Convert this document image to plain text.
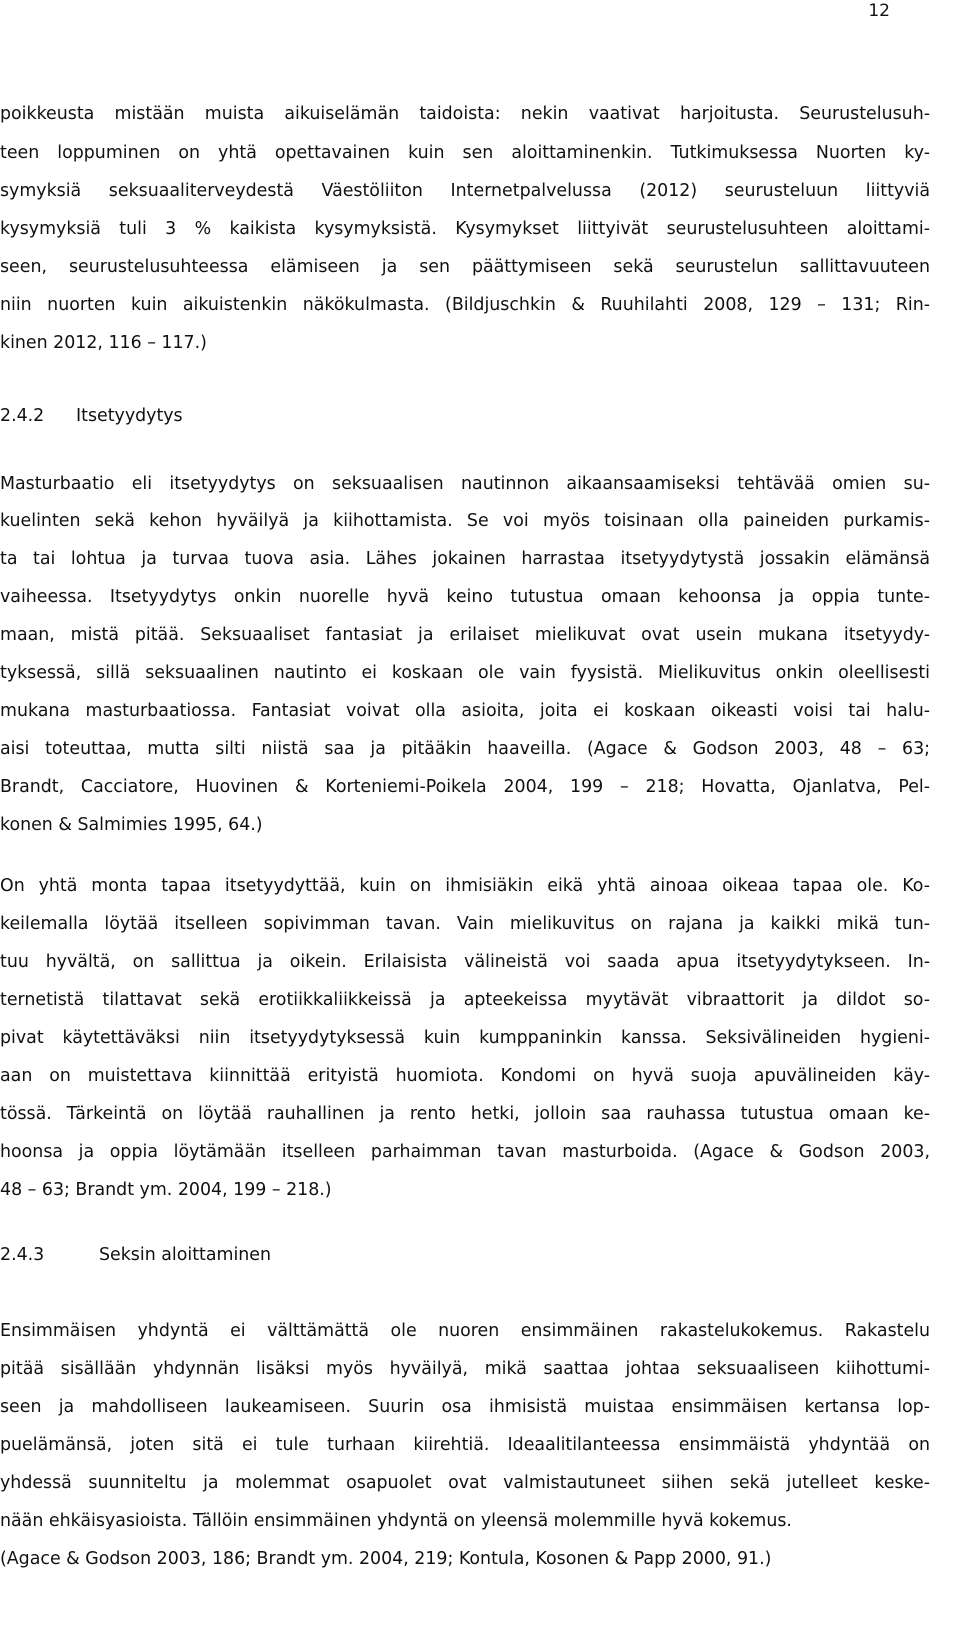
12
poikkeusta mistään muista aikuiselämän taidoista: nekin vaativat harjoitusta. Seurustelusuh-
teen loppuminen on yhtä opettavainen kuin sen aloittaminenkin. Tutkimuksessa Nuorten ky-
symyksiä seksuaaliterveydestä Väestöliiton Internetpalvelussa (2012) seurusteluun liittyviä
kysymyksiä tuli 3 % kaikista kysymyksistä. Kysymykset liittyivät seurustelusuhteen aloittami-
seen, seurustelusuhteessa elämiseen ja sen päättymiseen sekä seurustelun sallittavuuteen
niin nuorten kuin aikuistenkin näkökulmasta. (Bildjuschkin & Ruuhilahti 2008, 129 – 131; Rin-
kinen 2012, 116 – 117.)
2.4.2 Itsetyydytys
Masturbaatio eli itsetyydytys on seksuaalisen nautinnon aikaansaamiseksi tehtävää omien su-
kuelinten sekä kehon hyväilyä ja kiihottamista. Se voi myös toisinaan olla paineiden purkamis-
ta tai lohtua ja turvaa tuova asia. Lähes jokainen harrastaa itsetyydytystä jossakin elämänsä
vaiheessa. Itsetyydytys onkin nuorelle hyvä keino tutustua omaan kehoonsa ja oppia tunte-
maan, mistä pitää. Seksuaaliset fantasiat ja erilaiset mielikuvat ovat usein mukana itsetyydy-
tyksessä, sillä seksuaalinen nautinto ei koskaan ole vain fyysistä. Mielikuvitus onkin oleellisesti
mukana masturbaatiossa. Fantasiat voivat olla asioita, joita ei koskaan oikeasti voisi tai halu-
aisi toteuttaa, mutta silti niistä saa ja pitääkin haaveilla. (Agace & Godson 2003, 48 – 63;
Brandt, Cacciatore, Huovinen & Korteniemi-Poikela 2004, 199 – 218; Hovatta, Ojanlatva, Pel-
konen & Salmimies 1995, 64.)
On yhtä monta tapaa itsetyydyttää, kuin on ihmisiäkin eikä yhtä ainoaa oikeaa tapaa ole. Ko-
keilemalla löytää itselleen sopivimman tavan. Vain mielikuvitus on rajana ja kaikki mikä tun-
tuu hyvältä, on sallittua ja oikein. Erilaisista välineistä voi saada apua itsetyydytykseen. In-
ternetistä tilattavat sekä erotiikkaliikkeissä ja apteekeissa myytävät vibraattorit ja dildot so-
pivat käytettäväksi niin itsetyydytyksessä kuin kumppaninkin kanssa. Seksivälineiden hygieni-
aan on muistettava kiinnittää erityistä huomiota. Kondomi on hyvä suoja apuvälineiden käy-
tössä. Tärkeintä on löytää rauhallinen ja rento hetki, jolloin saa rauhassa tutustua omaan ke-
hoonsa ja oppia löytämään itselleen parhaimman tavan masturboida. (Agace & Godson 2003,
48 – 63; Brandt ym. 2004, 199 – 218.)
2.4.3	Seksin aloittaminen
Ensimmäisen yhdyntä ei välttämättä ole nuoren ensimmäinen rakastelukokemus. Rakastelu
pitää sisällään yhdynnän lisäksi myös hyväilyä, mikä saattaa johtaa seksuaaliseen kiihottumi-
seen ja mahdolliseen laukeamiseen. Suurin osa ihmisistä muistaa ensimmäisen kertansa lop-
puelämänsä, joten sitä ei tule turhaan kiirehtiä. Ideaalitilanteessa ensimmäistä yhdyntää on
yhdessä suunniteltu ja molemmat osapuolet ovat valmistautuneet siihen sekä jutelleet keske-
nään ehkäisyasioista. Tällöin ensimmäinen yhdyntä on yleensä molemmille hyvä kokemus.
(Agace & Godson 2003, 186; Brandt ym. 2004, 219; Kontula, Kosonen & Papp 2000, 91.)
